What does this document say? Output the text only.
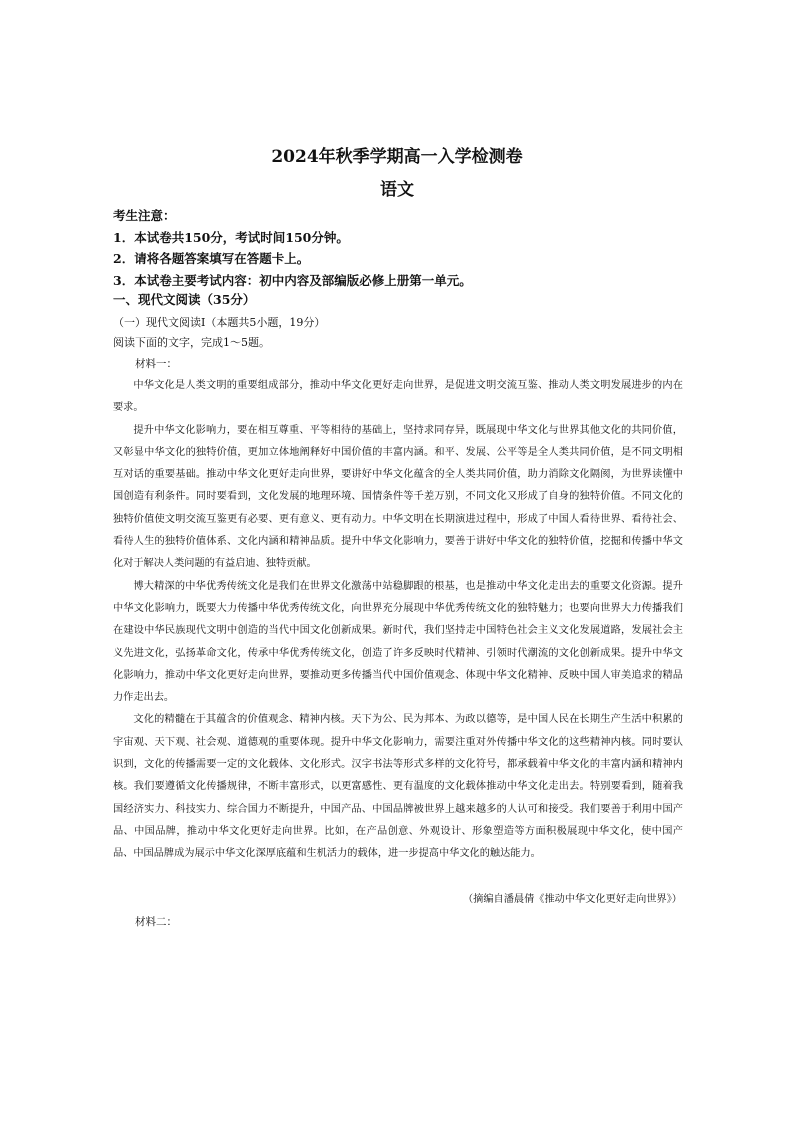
2024年秋季学期高一入学检测卷
语文
考生注意：
1．本试卷共150分，考试时间150分钟。
2．请将各题答案填写在答题卡上。
3．本试卷主要考试内容：初中内容及部编版必修上册第一单元。
一、现代文阅读（35分）
（一）现代文阅读Ⅰ（本题共5小题，19分）
阅读下面的文字，完成1～5题。
材料一：

中华文化是人类文明的重要组成部分，推动中华文化更好走向世界，是促进文明交流互鉴、推动人类文明发展进步的内在要求。

提升中华文化影响力，要在相互尊重、平等相待的基础上，坚持求同存异，既展现中华文化与世界其他文化的共同价值，又彰显中华文化的独特价值，更加立体地阐释好中国价值的丰富内涵。和平、发展、公平等是全人类共同价值，是不同文明相互对话的重要基础。推动中华文化更好走向世界，要讲好中华文化蕴含的全人类共同价值，助力消除文化隔阂，为世界读懂中国创造有利条件。同时要看到，文化发展的地理环境、国情条件等千差万别，不同文化又形成了自身的独特价值。不同文化的独特价值使文明交流互鉴更有必要、更有意义、更有动力。中华文明在长期演进过程中，形成了中国人看待世界、看待社会、看待人生的独特价值体系、文化内涵和精神品质。提升中华文化影响力，要善于讲好中华文化的独特价值，挖掘和传播中华文化对于解决人类问题的有益启迪、独特贡献。

博大精深的中华优秀传统文化是我们在世界文化激荡中站稳脚跟的根基，也是推动中华文化走出去的重要文化资源。提升中华文化影响力，既要大力传播中华优秀传统文化，向世界充分展现中华优秀传统文化的独特魅力；也要向世界大力传播我们在建设中华民族现代文明中创造的当代中国文化创新成果。新时代，我们坚持走中国特色社会主义文化发展道路，发展社会主义先进文化，弘扬革命文化，传承中华优秀传统文化，创造了许多反映时代精神、引领时代潮流的文化创新成果。提升中华文化影响力，推动中华文化更好走向世界，要推动更多传播当代中国价值观念、体现中华文化精神、反映中国人审美追求的精品力作走出去。

文化的精髓在于其蕴含的价值观念、精神内核。天下为公、民为邦本、为政以德等，是中国人民在长期生产生活中积累的宇宙观、天下观、社会观、道德观的重要体现。提升中华文化影响力，需要注重对外传播中华文化的这些精神内核。同时要认识到，文化的传播需要一定的文化载体、文化形式。汉字书法等形式多样的文化符号，都承载着中华文化的丰富内涵和精神内核。我们要遵循文化传播规律，不断丰富形式，以更富感性、更有温度的文化载体推动中华文化走出去。特别要看到，随着我国经济实力、科技实力、综合国力不断提升，中国产品、中国品牌被世界上越来越多的人认可和接受。我们要善于利用中国产品、中国品牌，推动中华文化更好走向世界。比如，在产品创意、外观设计、形象塑造等方面积极展现中华文化，使中国产品、中国品牌成为展示中华文化深厚底蕴和生机活力的载体，进一步提高中华文化的触达能力。

（摘编自潘晨倩《推动中华文化更好走向世界》）
材料二：
